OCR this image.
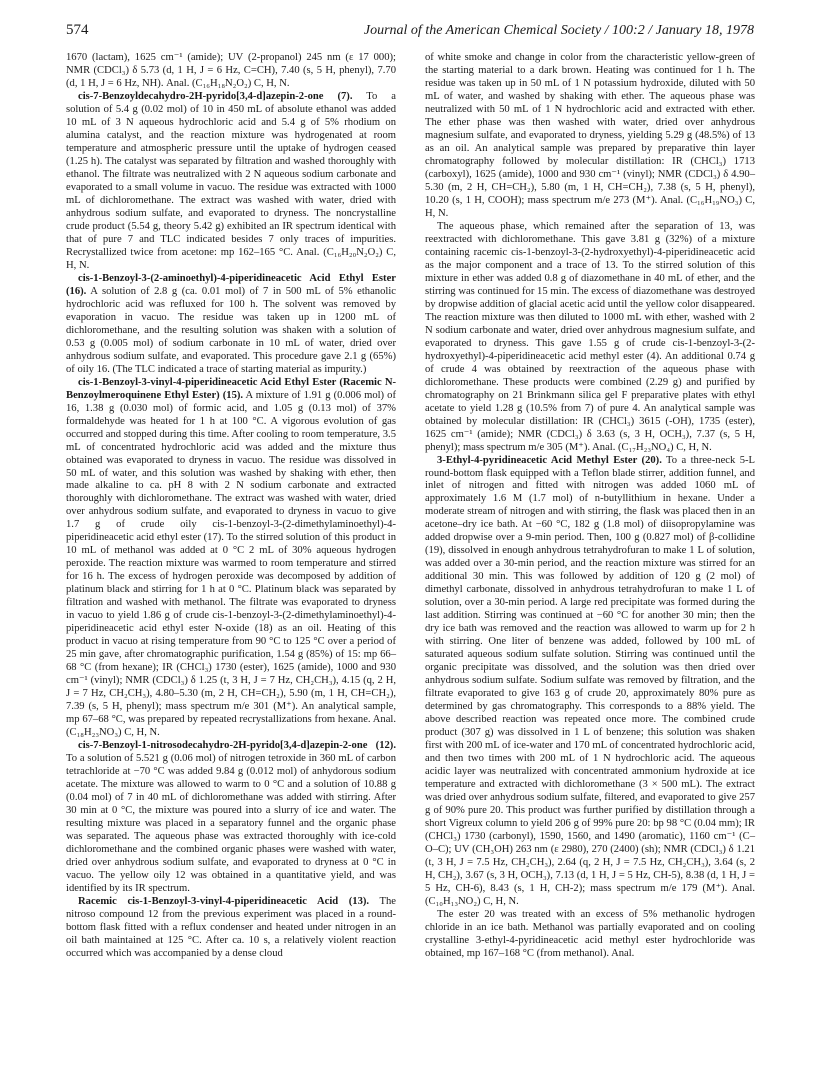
574	Journal of the American Chemical Society / 100:2 / January 18, 1978

1670 (lactam), 1625 cm⁻¹ (amide); UV (2-propanol) 245 nm (ε 17 000); NMR (CDCl₃) δ 5.73 (d, 1 H, J = 6 Hz, C=CH), 7.40 (s, 5 H, phenyl), 7.70 (d, 1 H, J = 6 Hz, NH). Anal. (C₁₆H₁₈N₂O₂) C, H, N.

cis-7-Benzoyldecahydro-2H-pyrido[3,4-d]azepin-2-one (7). To a solution of 5.4 g (0.02 mol) of 10 in 450 mL of absolute ethanol was added 10 mL of 3 N aqueous hydrochloric acid and 5.4 g of 5% rhodium on alumina catalyst, and the reaction mixture was hydrogenated at room temperature and atmospheric pressure until the uptake of hydrogen ceased (1.25 h). The catalyst was separated by filtration and washed thoroughly with ethanol. The filtrate was neutralized with 2 N aqueous sodium carbonate and evaporated to a small volume in vacuo. The residue was extracted with 1000 mL of dichloromethane. The extract was washed with water, dried with anhydrous sodium sulfate, and evaporated to dryness. The noncrystalline crude product (5.54 g, theory 5.42 g) exhibited an IR spectrum identical with that of pure 7 and TLC indicated besides 7 only traces of impurities. Recrystallized twice from acetone: mp 162–165 °C. Anal. (C₁₆H₂₀N₂O₂) C, H, N.

cis-1-Benzoyl-3-(2-aminoethyl)-4-piperidineacetic Acid Ethyl Ester (16). A solution of 2.8 g (ca. 0.01 mol) of 7 in 500 mL of 5% ethanolic hydrochloric acid was refluxed for 100 h. The solvent was removed by evaporation in vacuo. The residue was taken up in 1200 mL of dichloromethane, and the resulting solution was shaken with a solution of 0.53 g (0.005 mol) of sodium carbonate in 10 mL of water, dried over anhydrous sodium sulfate, and evaporated. This procedure gave 2.1 g (65%) of oily 16. (The TLC indicated a trace of starting material as impurity.)

cis-1-Benzoyl-3-vinyl-4-piperidineacetic Acid Ethyl Ester (Racemic N-Benzoylmeroquinene Ethyl Ester) (15). A mixture of 1.91 g (0.006 mol) of 16, 1.38 g (0.030 mol) of formic acid, and 1.05 g (0.13 mol) of 37% formaldehyde was heated for 1 h at 100 °C. A vigorous evolution of gas occurred and stopped during this time. After cooling to room temperature, 3.5 mL of concentrated hydrochloric acid was added and the mixture thus obtained was evaporated to dryness in vacuo. The residue was dissolved in 50 mL of water, and this solution was washed by shaking with ether, then made alkaline to ca. pH 8 with 2 N sodium carbonate and extracted thoroughly with dichloromethane. The extract was washed with water, dried over anhydrous sodium sulfate, and evaporated to dryness in vacuo to give 1.7 g of crude oily cis-1-benzoyl-3-(2-dimethylaminoethyl)-4-piperidineacetic acid ethyl ester (17). To the stirred solution of this product in 10 mL of methanol was added at 0 °C 2 mL of 30% aqueous hydrogen peroxide. The reaction mixture was warmed to room temperature and stirred for 16 h. The excess of hydrogen peroxide was decomposed by addition of platinum black and stirring for 1 h at 0 °C. Platinum black was separated by filtration and washed with methanol. The filtrate was evaporated to dryness in vacuo to yield 1.86 g of crude cis-1-benzoyl-3-(2-dimethylaminoethyl)-4-piperidineacetic acid ethyl ester N-oxide (18) as an oil. Heating of this product in vacuo at rising temperature from 90 °C to 125 °C over a period of 25 min gave, after chromatographic purification, 1.54 g (85%) of 15: mp 66–68 °C (from hexane); IR (CHCl₃) 1730 (ester), 1625 (amide), 1000 and 930 cm⁻¹ (vinyl); NMR (CDCl₃) δ 1.25 (t, 3 H, J = 7 Hz, CH₂CH₃), 4.15 (q, 2 H, J = 7 Hz, CH₂CH₃), 4.80–5.30 (m, 2 H, CH=CH₂), 5.90 (m, 1 H, CH=CH₂), 7.39 (s, 5 H, phenyl); mass spectrum m/e 301 (M⁺). An analytical sample, mp 67–68 °C, was prepared by repeated recrystallizations from hexane. Anal. (C₁₈H₂₃NO₃) C, H, N.

cis-7-Benzoyl-1-nitrosodecahydro-2H-pyrido[3,4-d]azepin-2-one (12). To a solution of 5.521 g (0.06 mol) of nitrogen tetroxide in 360 mL of carbon tetrachloride at −70 °C was added 9.84 g (0.012 mol) of anhydorous sodium acetate. The mixture was allowed to warm to 0 °C and a solution of 10.88 g (0.04 mol) of 7 in 40 mL of dichloromethane was added with stirring. After 30 min at 0 °C, the mixture was poured into a slurry of ice and water. The resulting mixture was placed in a separatory funnel and the organic phase was separated. The aqueous phase was extracted thoroughly with ice-cold dichloromethane and the combined organic phases were washed with water, dried over anhydrous sodium sulfate, and evaporated to dryness at 0 °C in vacuo. The yellow oily 12 was obtained in a quantitative yield, and was identified by its IR spectrum.

Racemic cis-1-Benzoyl-3-vinyl-4-piperidineacetic Acid (13). The nitroso compound 12 from the previous experiment was placed in a round-bottom flask fitted with a reflux condenser and heated under nitrogen in an oil bath maintained at 125 °C. After ca. 10 s, a relatively violent reaction occurred which was accompanied by a dense cloud

of white smoke and change in color from the characteristic yellow-green of the starting material to a dark brown. Heating was continued for 1 h. The residue was taken up in 50 mL of 1 N potassium hydroxide, diluted with 50 mL of water, and washed by shaking with ether. The aqueous phase was neutralized with 50 mL of 1 N hydrochloric acid and extracted with ether. The ether phase was then washed with water, dried over anhydrous magnesium sulfate, and evaporated to dryness, yielding 5.29 g (48.5%) of 13 as an oil. An analytical sample was prepared by preparative thin layer chromatography followed by molecular distillation: IR (CHCl₃) 1713 (carboxyl), 1625 (amide), 1000 and 930 cm⁻¹ (vinyl); NMR (CDCl₃) δ 4.90–5.30 (m, 2 H, CH=CH₂), 5.80 (m, 1 H, CH=CH₂), 7.38 (s, 5 H, phenyl), 10.20 (s, 1 H, COOH); mass spectrum m/e 273 (M⁺). Anal. (C₁₆H₁₉NO₃) C, H, N.

The aqueous phase, which remained after the separation of 13, was reextracted with dichloromethane. This gave 3.81 g (32%) of a mixture containing racemic cis-1-benzoyl-3-(2-hydroxyethyl)-4-piperidineacetic acid as the major component and a trace of 13. To the stirred solution of this mixture in ether was added 0.8 g of diazomethane in 40 mL of ether, and the stirring was continued for 15 min. The excess of diazomethane was destroyed by dropwise addition of glacial acetic acid until the yellow color disappeared. The reaction mixture was then diluted to 1000 mL with ether, washed with 2 N sodium carbonate and water, dried over anhydrous magnesium sulfate, and evaporated to dryness. This gave 1.55 g of crude cis-1-benzoyl-3-(2-hydroxyethyl)-4-piperidineacetic acid methyl ester (4). An additional 0.74 g of crude 4 was obtained by reextraction of the aqueous phase with dichloromethane. These products were combined (2.29 g) and purified by chromatography on 21 Brinkmann silica gel F preparative plates with ethyl acetate to yield 1.28 g (10.5% from 7) of pure 4. An analytical sample was obtained by molecular distillation: IR (CHCl₃) 3615 (-OH), 1735 (ester), 1625 cm⁻¹ (amide); NMR (CDCl₃) δ 3.63 (s, 3 H, OCH₃), 7.37 (s, 5 H, phenyl); mass spectrum m/e 305 (M⁺). Anal. (C₁₇H₂₃NO₄) C, H, N.

3-Ethyl-4-pyridineacetic Acid Methyl Ester (20). To a three-neck 5-L round-bottom flask equipped with a Teflon blade stirrer, addition funnel, and inlet of nitrogen and fitted with nitrogen was added 1060 mL of approximately 1.6 M (1.7 mol) of n-butyllithium in hexane. Under a moderate stream of nitrogen and with stirring, the flask was placed then in an acetone–dry ice bath. At −60 °C, 182 g (1.8 mol) of diisopropylamine was added dropwise over a 9-min period. Then, 100 g (0.827 mol) of β-collidine (19), dissolved in enough anhydrous tetrahydrofuran to make 1 L of solution, was added over a 30-min period, and the reaction mixture was stirred for an additional 30 min. This was followed by addition of 120 g (2 mol) of dimethyl carbonate, dissolved in anhydrous tetrahydrofuran to make 1 L of solution, over a 30-min period. A large red precipitate was formed during the last addition. Stirring was continued at −60 °C for another 30 min; then the dry ice bath was removed and the reaction was allowed to warm up for 2 h with stirring. One liter of benzene was added, followed by 100 mL of saturated aqueous sodium sulfate solution. Stirring was continued until the organic precipitate was dissolved, and the solution was then dried over anhydrous sodium sulfate. Sodium sulfate was removed by filtration, and the filtrate evaporated to give 163 g of crude 20, approximately 80% pure as determined by gas chromatography. This corresponds to a 88% yield. The above described reaction was repeated once more. The combined crude product (307 g) was dissolved in 1 L of benzene; this solution was shaken first with 200 mL of ice-water and 170 mL of concentrated hydrochloric acid, and then two times with 200 mL of 1 N hydrochloric acid. The aqueous acidic layer was neutralized with concentrated ammonium hydroxide at ice temperature and extracted with dichloromethane (3 × 500 mL). The extract was dried over anhydrous sodium sulfate, filtered, and evaporated to give 257 g of 90% pure 20. This product was further purified by distillation through a short Vigreux column to yield 206 g of 99% pure 20: bp 98 °C (0.04 mm); IR (CHCl₃) 1730 (carbonyl), 1590, 1560, and 1490 (aromatic), 1160 cm⁻¹ (C–O–C); UV (CH₃OH) 263 nm (ε 2980), 270 (2400) (sh); NMR (CDCl₃) δ 1.21 (t, 3 H, J = 7.5 Hz, CH₂CH₃), 2.64 (q, 2 H, J = 7.5 Hz, CH₂CH₃), 3.64 (s, 2 H, CH₂), 3.67 (s, 3 H, OCH₃), 7.13 (d, 1 H, J = 5 Hz, CH-5), 8.38 (d, 1 H, J = 5 Hz, CH-6), 8.43 (s, 1 H, CH-2); mass spectrum m/e 179 (M⁺). Anal. (C₁₀H₁₃NO₂) C, H, N.

The ester 20 was treated with an excess of 5% methanolic hydrogen chloride in an ice bath. Methanol was partially evaporated and on cooling crystalline 3-ethyl-4-pyridineacetic acid methyl ester hydrochloride was obtained, mp 167–168 °C (from methanol). Anal.
